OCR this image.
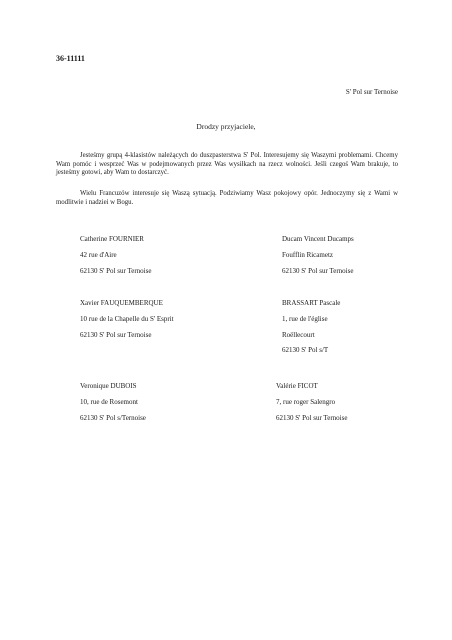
36-11111
S' Pol sur Ternoise
Drodzy przyjaciele,
Jesteśmy grupą 4-klasistów należących do duszpasterstwa S' Pol. Interesujemy się Waszymi problemami. Chcemy Wam pomóc i wesprzeć Was w podejmowanych przez Was wysiłkach na rzecz wolności. Jeśli czegoś Wam brakuje, to jesteśmy gotowi, aby Wam to dostarczyć.
Wielu Francuzów interesuje się Waszą sytuacją. Podziwiamy Wasz pokojowy opór. Jednoczymy się z Wami w modlitwie i nadziei w Bogu.
Catherine FOURNIER
42 rue d'Aire
62130 S' Pol sur Ternoise
Ducam Vincent Ducamps
Foufflin Ricametz
62130 S' Pol sur Ternoise
Xavier FAUQUEMBERQUE
10 rue de la Chapelle du S' Esprit
62130 S' Pol sur Ternoise
BRASSART Pascale
1, rue de l'église
Roëllecourt
62130 S' Pol s/T
Veronique DUBOIS
10, rue de Rosemont
62130 S' Pol s/Ternoise
Valérie FICOT
7, rue roger Salengro
62130 S' Pol sur Ternoise
